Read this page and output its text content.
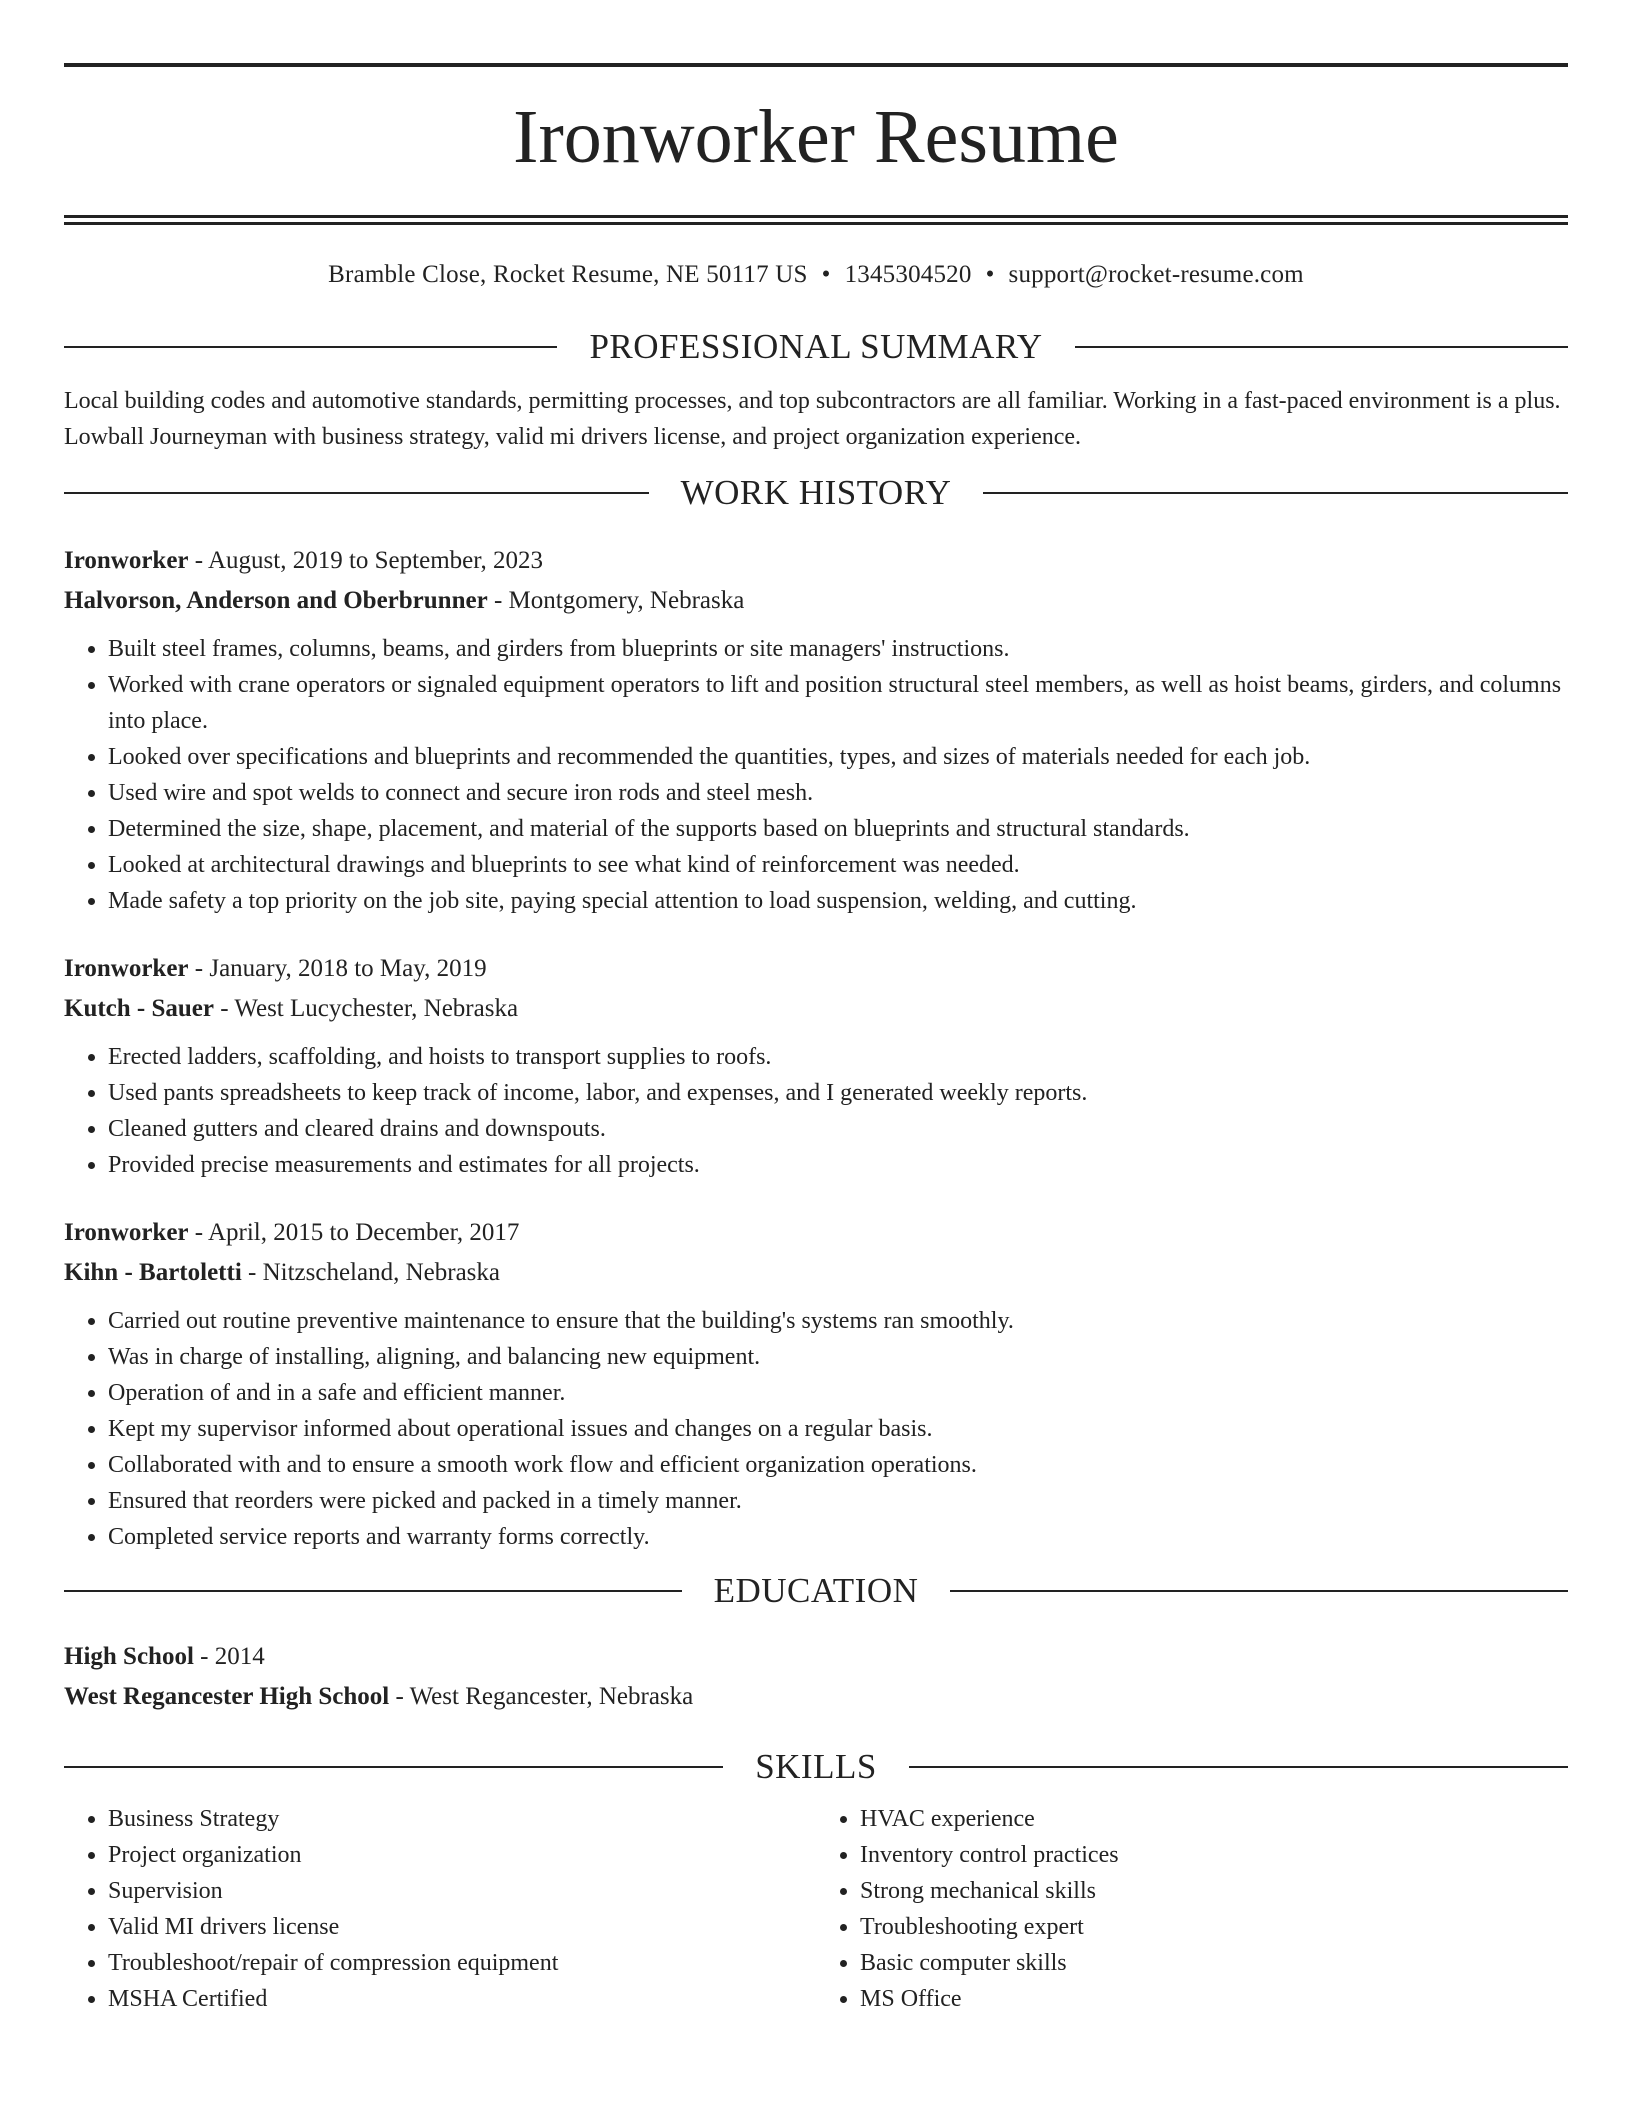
Ironworker Resume
Bramble Close, Rocket Resume, NE 50117 US • 1345304520 • support@rocket-resume.com
PROFESSIONAL SUMMARY
Local building codes and automotive standards, permitting processes, and top subcontractors are all familiar. Working in a fast-paced environment is a plus. Lowball Journeyman with business strategy, valid mi drivers license, and project organization experience.
WORK HISTORY
Ironworker - August, 2019 to September, 2023
Halvorson, Anderson and Oberbrunner - Montgomery, Nebraska
• Built steel frames, columns, beams, and girders from blueprints or site managers' instructions.
• Worked with crane operators or signaled equipment operators to lift and position structural steel members, as well as hoist beams, girders, and columns into place.
• Looked over specifications and blueprints and recommended the quantities, types, and sizes of materials needed for each job.
• Used wire and spot welds to connect and secure iron rods and steel mesh.
• Determined the size, shape, placement, and material of the supports based on blueprints and structural standards.
• Looked at architectural drawings and blueprints to see what kind of reinforcement was needed.
• Made safety a top priority on the job site, paying special attention to load suspension, welding, and cutting.
Ironworker - January, 2018 to May, 2019
Kutch - Sauer - West Lucychester, Nebraska
• Erected ladders, scaffolding, and hoists to transport supplies to roofs.
• Used pants spreadsheets to keep track of income, labor, and expenses, and I generated weekly reports.
• Cleaned gutters and cleared drains and downspouts.
• Provided precise measurements and estimates for all projects.
Ironworker - April, 2015 to December, 2017
Kihn - Bartoletti - Nitzscheland, Nebraska
• Carried out routine preventive maintenance to ensure that the building's systems ran smoothly.
• Was in charge of installing, aligning, and balancing new equipment.
• Operation of and in a safe and efficient manner.
• Kept my supervisor informed about operational issues and changes on a regular basis.
• Collaborated with and to ensure a smooth work flow and efficient organization operations.
• Ensured that reorders were picked and packed in a timely manner.
• Completed service reports and warranty forms correctly.
EDUCATION
High School - 2014
West Regancester High School - West Regancester, Nebraska
SKILLS
• Business Strategy
• Project organization
• Supervision
• Valid MI drivers license
• Troubleshoot/repair of compression equipment
• MSHA Certified
• HVAC experience
• Inventory control practices
• Strong mechanical skills
• Troubleshooting expert
• Basic computer skills
• MS Office
